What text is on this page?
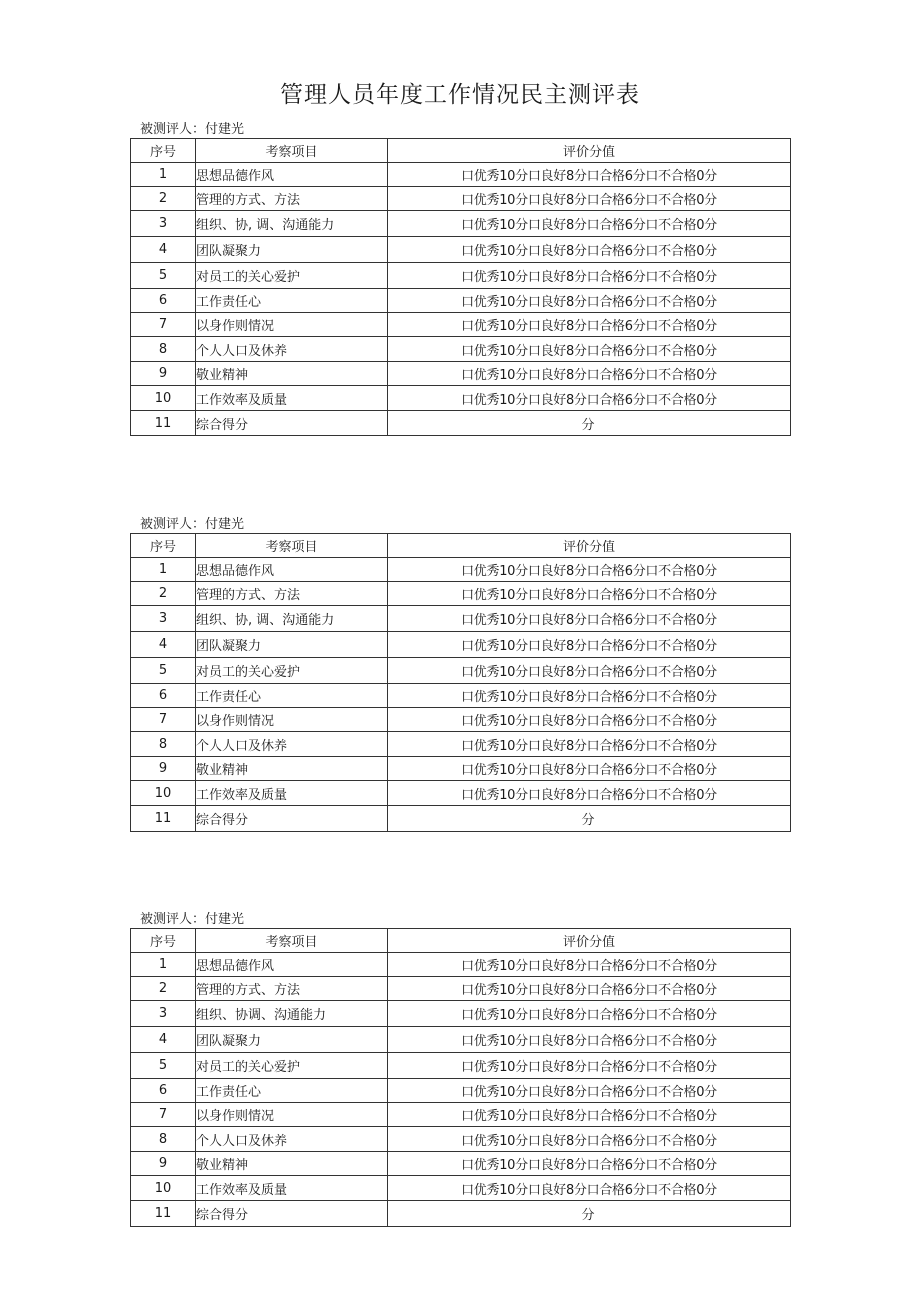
管理人员年度工作情况民主测评表
被测评人：付建光
序号	考察项目	评价分值
1	思想品德作风	口优秀10分口良好8分口合格6分口不合格0分
2	管理的方式、方法	口优秀10分口良好8分口合格6分口不合格0分
3	组织、协, 调、沟通能力	口优秀10分口良好8分口合格6分口不合格0分
4	团队凝聚力	口优秀10分口良好8分口合格6分口不合格0分
5	对员工的关心爱护	口优秀10分口良好8分口合格6分口不合格0分
6	工作责任心	口优秀10分口良好8分口合格6分口不合格0分
7	以身作则情况	口优秀10分口良好8分口合格6分口不合格0分
8	个人人口及休养	口优秀10分口良好8分口合格6分口不合格0分
9	敬业精神	口优秀10分口良好8分口合格6分口不合格0分
10	工作效率及质量	口优秀10分口良好8分口合格6分口不合格0分
11	综合得分	分
被测评人：付建光
序号	考察项目	评价分值
1	思想品德作风	口优秀10分口良好8分口合格6分口不合格0分
2	管理的方式、方法	口优秀10分口良好8分口合格6分口不合格0分
3	组织、协, 调、沟通能力	口优秀10分口良好8分口合格6分口不合格0分
4	团队凝聚力	口优秀10分口良好8分口合格6分口不合格0分
5	对员工的关心爱护	口优秀10分口良好8分口合格6分口不合格0分
6	工作责任心	口优秀10分口良好8分口合格6分口不合格0分
7	以身作则情况	口优秀10分口良好8分口合格6分口不合格0分
8	个人人口及休养	口优秀10分口良好8分口合格6分口不合格0分
9	敬业精神	口优秀10分口良好8分口合格6分口不合格0分
10	工作效率及质量	口优秀10分口良好8分口合格6分口不合格0分
11	综合得分	分
被测评人：付建光
序号	考察项目	评价分值
1	思想品德作风	口优秀10分口良好8分口合格6分口不合格0分
2	管理的方式、方法	口优秀10分口良好8分口合格6分口不合格0分
3	组织、协调、沟通能力	口优秀10分口良好8分口合格6分口不合格0分
4	团队凝聚力	口优秀10分口良好8分口合格6分口不合格0分
5	对员工的关心爱护	口优秀10分口良好8分口合格6分口不合格0分
6	工作责任心	口优秀10分口良好8分口合格6分口不合格0分
7	以身作则情况	口优秀10分口良好8分口合格6分口不合格0分
8	个人人口及休养	口优秀10分口良好8分口合格6分口不合格0分
9	敬业精神	口优秀10分口良好8分口合格6分口不合格0分
10	工作效率及质量	口优秀10分口良好8分口合格6分口不合格0分
11	综合得分	分
